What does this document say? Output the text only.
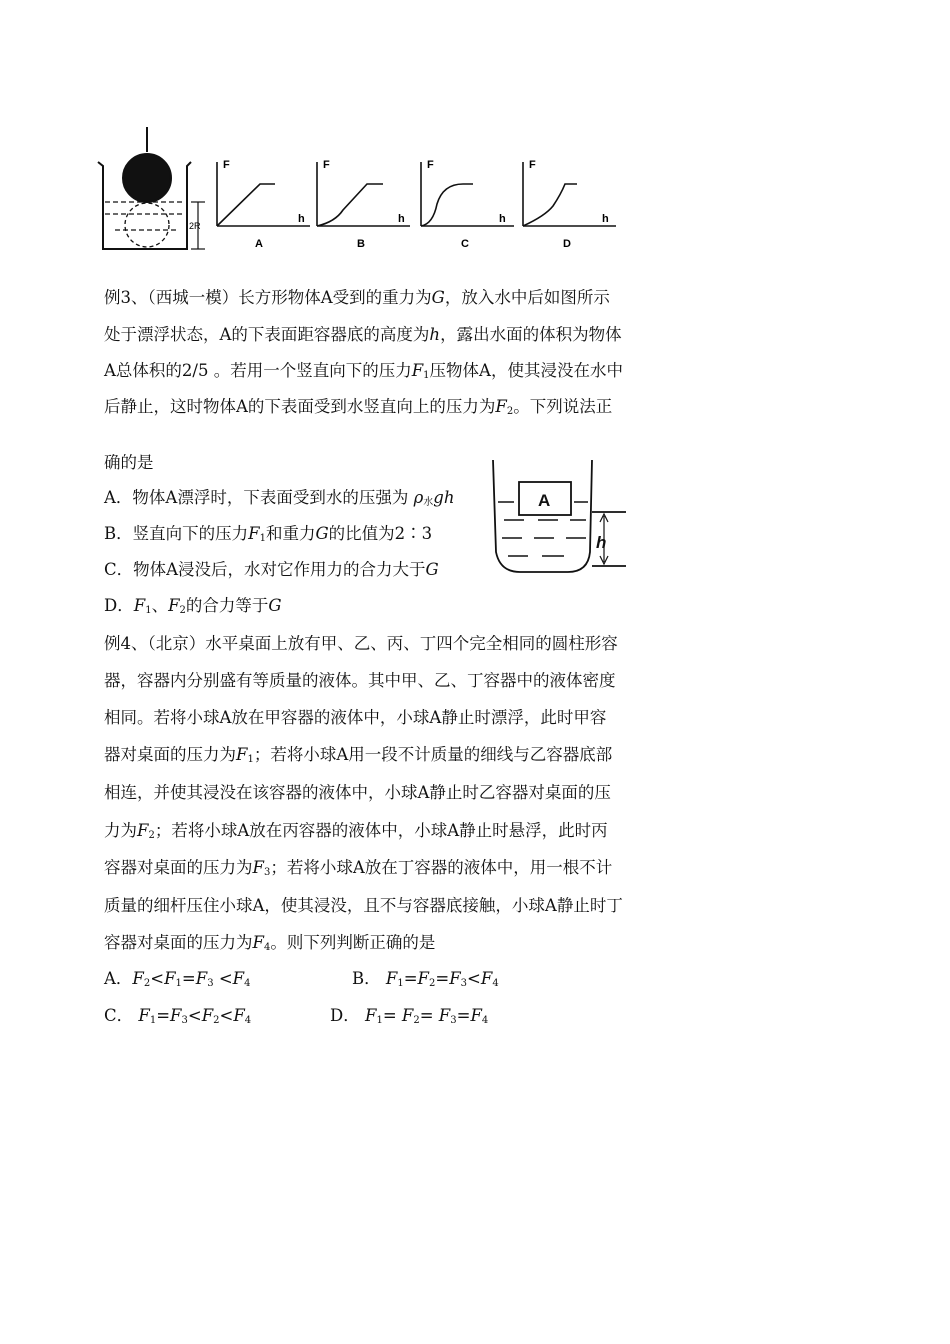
2R
F
h
A
F
h
B
F
h
C
F
h
D
例3、（西城一模）长方形物体A受到的重力为G，放入水中后如图所示
处于漂浮状态，A的下表面距容器底的高度为h，露出水面的体积为物体
A总体积的2/5 。若用一个竖直向下的压力$F_1$压物体A，使其浸没在水中
后静止，这时物体A的下表面受到水竖直向上的压力为$F_2$。下列说法正
确的是
A．物体A漂浮时，下表面受到水的压强为 $\rho_水gh$
B．竖直向下的压力$F_1$和重力G的比值为2∶3
C．物体A浸没后，水对它作用力的合力大于G
D．$F_1$、$F_2$的合力等于G
A
h
例4、（北京）水平桌面上放有甲、乙、丙、丁四个完全相同的圆柱形容
器，容器内分别盛有等质量的液体。其中甲、乙、丁容器中的液体密度
相同。若将小球A放在甲容器的液体中，小球A静止时漂浮，此时甲容
器对桌面的压力为$F_1$；若将小球A用一段不计质量的细线与乙容器底部
相连，并使其浸没在该容器的液体中，小球A静止时乙容器对桌面的压
力为$F_2$；若将小球A放在丙容器的液体中，小球A静止时悬浮，此时丙
容器对桌面的压力为$F_3$；若将小球A放在丁容器的液体中，用一根不计
质量的细杆压住小球A，使其浸没，且不与容器底接触，小球A静止时丁
容器对桌面的压力为$F_4$。则下列判断正确的是
A．$F_2<F_1=F_3 <F_4$	B． $F_1=F_2=F_3<F_4$
C． $F_1=F_3<F_2<F_4$	D． $F_1= F_2= F_3=F_4$
